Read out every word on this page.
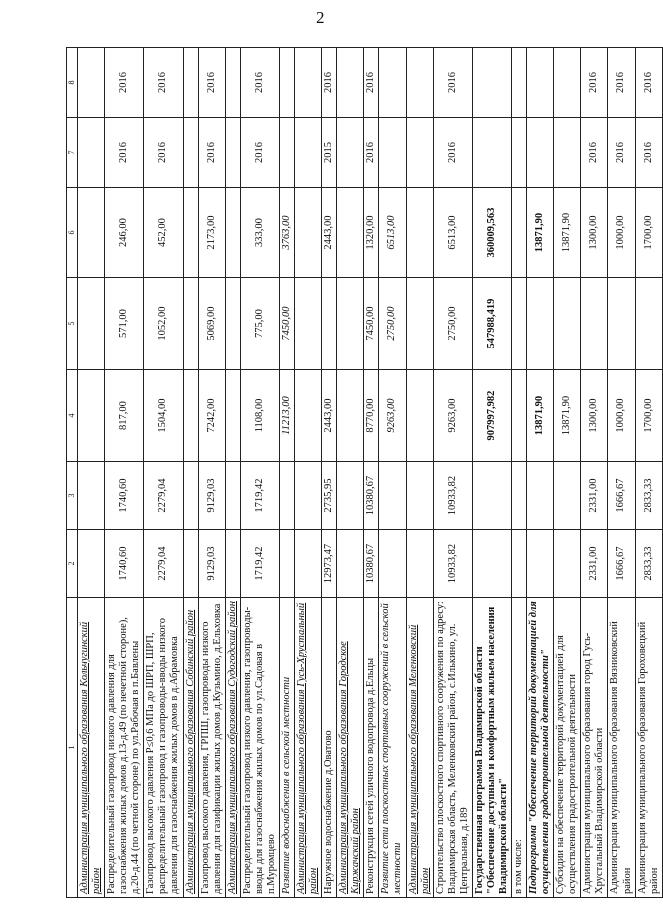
2
1	2	3	4	5	6	7	8
Администрация муниципального образования Кольчугинский район							
Распределительный газопровод низкого давления для газоснабжения жилых домов д.13-д.49 (по нечетной стороне), д.20-д.44 (по четной стороне) по ул.Рабочая в п.Бавлены	1740,60	1740,60	817,00	571,00	246,00	2016	2016
Газопровод высокого давления Р≤0,6 МПа до ШРП, ШРП, распределительный газопровод и газопроводы-вводы низкого давления для газоснабжения жилых домов в д.Абрамовка	2279,04	2279,04	1504,00	1052,00	452,00	2016	2016
Администрация муниципального образования Собинский район							
Газопровод высокого давления, ГРПШ, газопроводы низкого давления для газификации жилых домов д.Кузьмино, д.Ельховка	9129,03	9129,03	7242,00	5069,00	2173,00	2016	2016
Администрация муниципального образования Судогодский район							
Распределительный газопровод низкого давления, газопроводы-вводы для газоснабжения жилых домов по ул.Садовая в п.Муромцево	1719,42	1719,42	1108,00	775,00	333,00	2016	2016
Развитие водоснабжения в сельской местности			11213,00	7450,00	3763,00		
Администрация муниципального образования Гусь-Хрустальный район							
Наружное водоснабжение д.Оватово	12973,47	2735,95	2443,00		2443,00	2015	2016
Администрация муниципального образования Городское Киржачский район							
Реконструкция сетей уличного водопровода д.Ельцы	10380,67	10380,67	8770,00	7450,00	1320,00	2016	2016
Развитие сети плоскостных спортивных сооружений в сельской местности			9263,00	2750,00	6513,00		
Администрация муниципального образования Меленковский район							
Строительство плоскостного спортивного сооружения по адресу: Владимирская область, Меленковский район, с.Илькино, ул. Центральная, д.189	10933,82	10933,82	9263,00	2750,00	6513,00	2016	2016
Государственная программа Владимирской области "Обеспечение доступным и комфортным жильем населения Владимирской области"			907997,982	547988,419	360009,563		
в том числе:							
Подпрограмма "Обеспечение территорий документацией для осуществления градостроительной деятельности"			13871,90		13871,90		
Субсидии на обеспечение территорий документацией для осуществления градостроительной деятельности			13871,90		13871,90		
Администрация муниципального образования город Гусь-Хрустальный Владимирской области	2331,00	2331,00	1300,00		1300,00	2016	2016
Администрация муниципального образования Вязниковский район	1666,67	1666,67	1000,00		1000,00	2016	2016
Администрация муниципального образования Гороховецкий район	2833,33	2833,33	1700,00		1700,00	2016	2016
